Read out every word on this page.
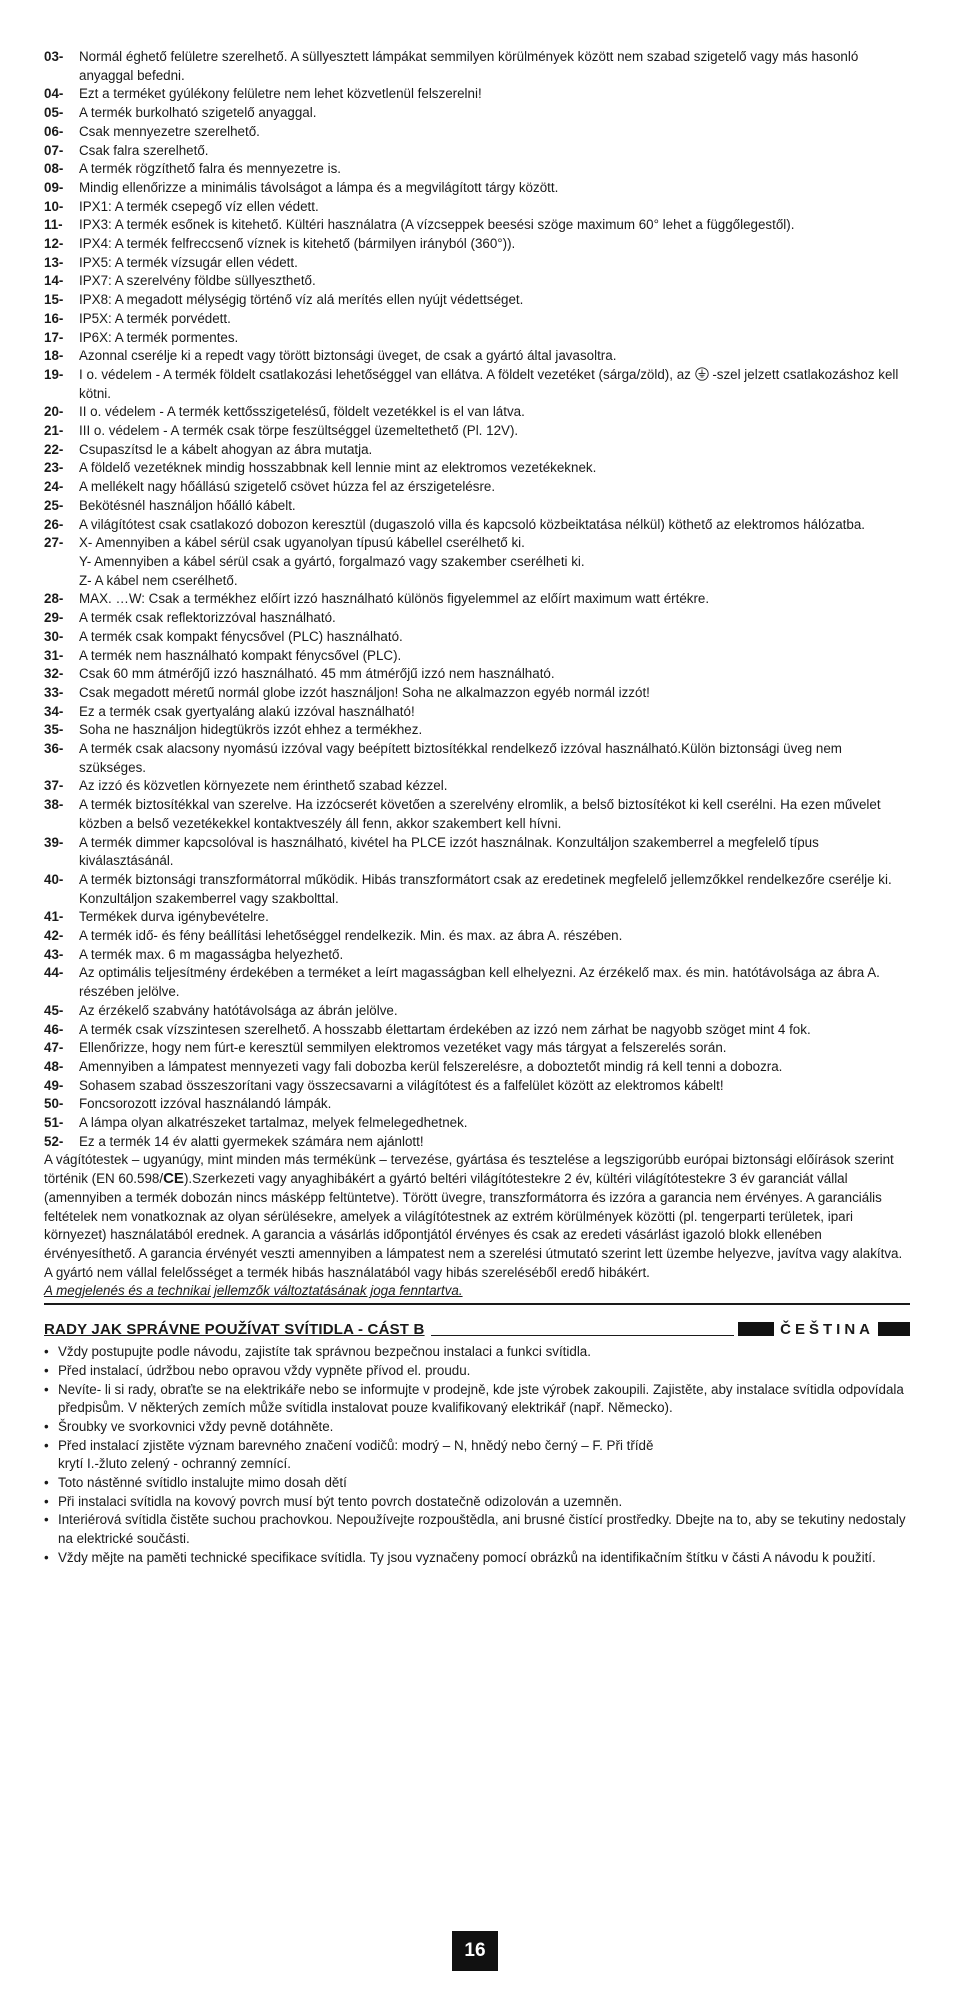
03-	Normál éghető felületre szerelhető. A süllyesztett lámpákat semmilyen körülmények között nem szabad szigetelő vagy más hasonló anyaggal befedni.
04-	Ezt a terméket gyúlékony felületre nem lehet közvetlenül felszerelni!
05-	A termék burkolható szigetelő anyaggal.
06-	Csak mennyezetre szerelhető.
07-	Csak falra szerelhető.
08-	A termék rögzíthető falra és mennyezetre is.
09-	Mindig ellenőrizze a minimális távolságot a lámpa és a megvilágított tárgy között.
10-	IPX1: A termék csepegő víz ellen védett.
11-	IPX3: A termék esőnek is kitehető. Kültéri használatra (A vízcseppek beesési szöge maximum 60° lehet a függőlegestől).
12-	IPX4: A termék felfreccsenő víznek is kitehető (bármilyen irányból (360°)).
13-	IPX5: A termék vízsugár ellen védett.
14-	IPX7: A szerelvény földbe süllyeszthető.
15-	IPX8: A megadott mélységig történő víz alá merítés ellen nyújt védettséget.
16-	IP5X: A termék porvédett.
17-	IP6X: A termék pormentes.
18-	Azonnal cserélje ki a repedt vagy törött biztonsági üveget, de csak a gyártó által javasoltra.
19-	I o. védelem - A termék földelt csatlakozási lehetőséggel van ellátva. A földelt vezetéket (sárga/zöld), az -szel jelzett csatlakozáshoz kell kötni.
20-	II o. védelem - A termék kettősszigetelésű, földelt vezetékkel is el van látva.
21-	III o. védelem - A termék csak törpe feszültséggel üzemeltethető (Pl. 12V).
22-	Csupaszítsd le a kábelt ahogyan az ábra mutatja.
23-	A földelő vezetéknek mindig hosszabbnak kell lennie mint az elektromos vezetékeknek.
24-	A mellékelt nagy hőállású szigetelő csövet húzza fel az érszigetelésre.
25-	Bekötésnél használjon hőálló kábelt.
26-	A világítótest csak csatlakozó dobozon keresztül (dugaszoló villa és kapcsoló közbeiktatása nélkül) köthető az elektromos hálózatba.
27-	X- Amennyiben a kábel sérül csak ugyanolyan típusú kábellel cserélhető ki.
Y- Amennyiben a kábel sérül csak a gyártó, forgalmazó vagy szakember cserélheti ki.
Z- A kábel nem cserélhető.
28-	MAX. …W: Csak a termékhez előírt izzó használható különös figyelemmel az előírt maximum watt értékre.
29-	A termék csak reflektorizzóval használható.
30-	A termék csak kompakt fénycsővel (PLC) használható.
31-	A termék nem használható kompakt fénycsővel (PLC).
32-	Csak 60 mm átmérőjű izzó használható. 45 mm átmérőjű izzó nem használható.
33-	Csak megadott méretű normál globe izzót használjon! Soha ne alkalmazzon egyéb normál izzót!
34-	Ez a termék csak gyertyaláng alakú izzóval használható!
35-	Soha ne használjon hidegtükrös izzót ehhez a termékhez.
36-	A termék csak alacsony nyomású izzóval vagy beépített biztosítékkal rendelkező izzóval használható.Külön biztonsági üveg nem szükséges.
37-	Az izzó és közvetlen környezete nem érinthető szabad kézzel.
38-	A termék biztosítékkal van szerelve. Ha izzócserét követően a szerelvény elromlik, a belső biztosítékot ki kell cserélni. Ha ezen művelet közben a belső vezetékekkel kontaktveszély áll fenn, akkor szakembert kell hívni.
39-	A termék dimmer kapcsolóval is használható, kivétel ha PLCE izzót használnak. Konzultáljon szakemberrel a megfelelő típus kiválasztásánál.
40-	A termék biztonsági transzformátorral működik. Hibás transzformátort csak az eredetinek megfelelő jellemzőkkel rendelkezőre cserélje ki. Konzultáljon szakemberrel vagy szakbolttal.
41-	Termékek durva igénybevételre.
42-	A termék idő- és fény beállítási lehetőséggel rendelkezik. Min. és max. az ábra A. részében.
43-	A termék max. 6 m magasságba helyezhető.
44-	Az optimális teljesítmény érdekében a terméket a leírt magasságban kell elhelyezni. Az érzékelő max. és min. hatótávolsága az ábra A. részében jelölve.
45-	Az érzékelő szabvány hatótávolsága az ábrán jelölve.
46-	A termék csak vízszintesen szerelhető. A hosszabb élettartam érdekében az izzó nem zárhat be nagyobb szöget mint 4 fok.
47-	Ellenőrizze, hogy nem fúrt-e keresztül semmilyen elektromos vezetéket vagy más tárgyat a felszerelés során.
48-	Amennyiben a lámpatest mennyezeti vagy fali dobozba kerül felszerelésre, a doboztetőt mindig rá kell tenni a dobozra.
49-	Sohasem szabad összeszorítani vagy összecsavarni a világítótest és a falfelület között az elektromos kábelt!
50-	Foncsorozott izzóval használandó lámpák.
51-	A lámpa olyan alkatrészeket tartalmaz, melyek felmelegedhetnek.
52-	Ez a termék 14 év alatti gyermekek számára nem ajánlott!
A vágítótestek – ugyanúgy, mint minden más termékünk – tervezése, gyártása és tesztelése a legszigorúbb európai biztonsági előírások szerint történik (EN 60.598/CE).Szerkezeti vagy anyaghibákért a gyártó beltéri világítótestekre 2 év, kültéri világítótestekre 3 év garanciát vállal (amennyiben a termék dobozán nincs másképp feltüntetve). Törött üvegre, transzformátorra és izzóra a garancia nem érvényes. A garanciális feltételek nem vonatkoznak az olyan sérülésekre, amelyek a világítótestnek az extrém körülmények közötti (pl. tengerparti területek, ipari környezet) használatából erednek. A garancia a vásárlás időpontjától érvényes és csak az eredeti vásárlást igazoló blokk ellenében érvényesíthető. A garancia érvényét veszti amennyiben a lámpatest nem a szerelési útmutató szerint lett üzembe helyezve, javítva vagy alakítva. A gyártó nem vállal felelősséget a termék hibás használatából vagy hibás szereléséből eredő hibákért.
A megjelenés és a technikai jellemzők változtatásának joga fenntartva.
RADY JAK SPRÁVNE POUŽÍVAT SVÍTIDLA - CÁST B	ČEŠTINA
• Vždy postupujte podle návodu, zajistíte tak správnou bezpečnou instalaci a funkci svítidla.
• Před instalací, údržbou nebo opravou vždy vypněte přívod el. proudu.
• Nevíte- li si rady, obraťte se na elektrikáře nebo se informujte v prodejně, kde jste výrobek zakoupili. Zajistěte, aby instalace svítidla odpovídala předpisům. V některých zemích může svítidla instalovat pouze kvalifikovaný elektrikář (např. Německo).
• Šroubky ve svorkovnici vždy pevně dotáhněte.
• Před instalací zjistěte význam barevného značení vodičů: modrý – N, hnědý nebo černý – F. Při třídě
krytí I.-žluto zelený - ochranný zemnící.
• Toto nástěnné svítidlo instalujte mimo dosah dětí
• Při instalaci svítidla na kovový povrch musí být tento povrch dostatečně odizolován a uzemněn.
• Interiérová svítidla čistěte suchou prachovkou. Nepoužívejte rozpouštědla, ani brusné čistící prostředky. Dbejte na to, aby se tekutiny nedostaly na elektrické součásti.
• Vždy mějte na paměti technické specifikace svítidla. Ty jsou vyznačeny pomocí obrázků na identifikačním štítku v části A návodu k použití.
16
